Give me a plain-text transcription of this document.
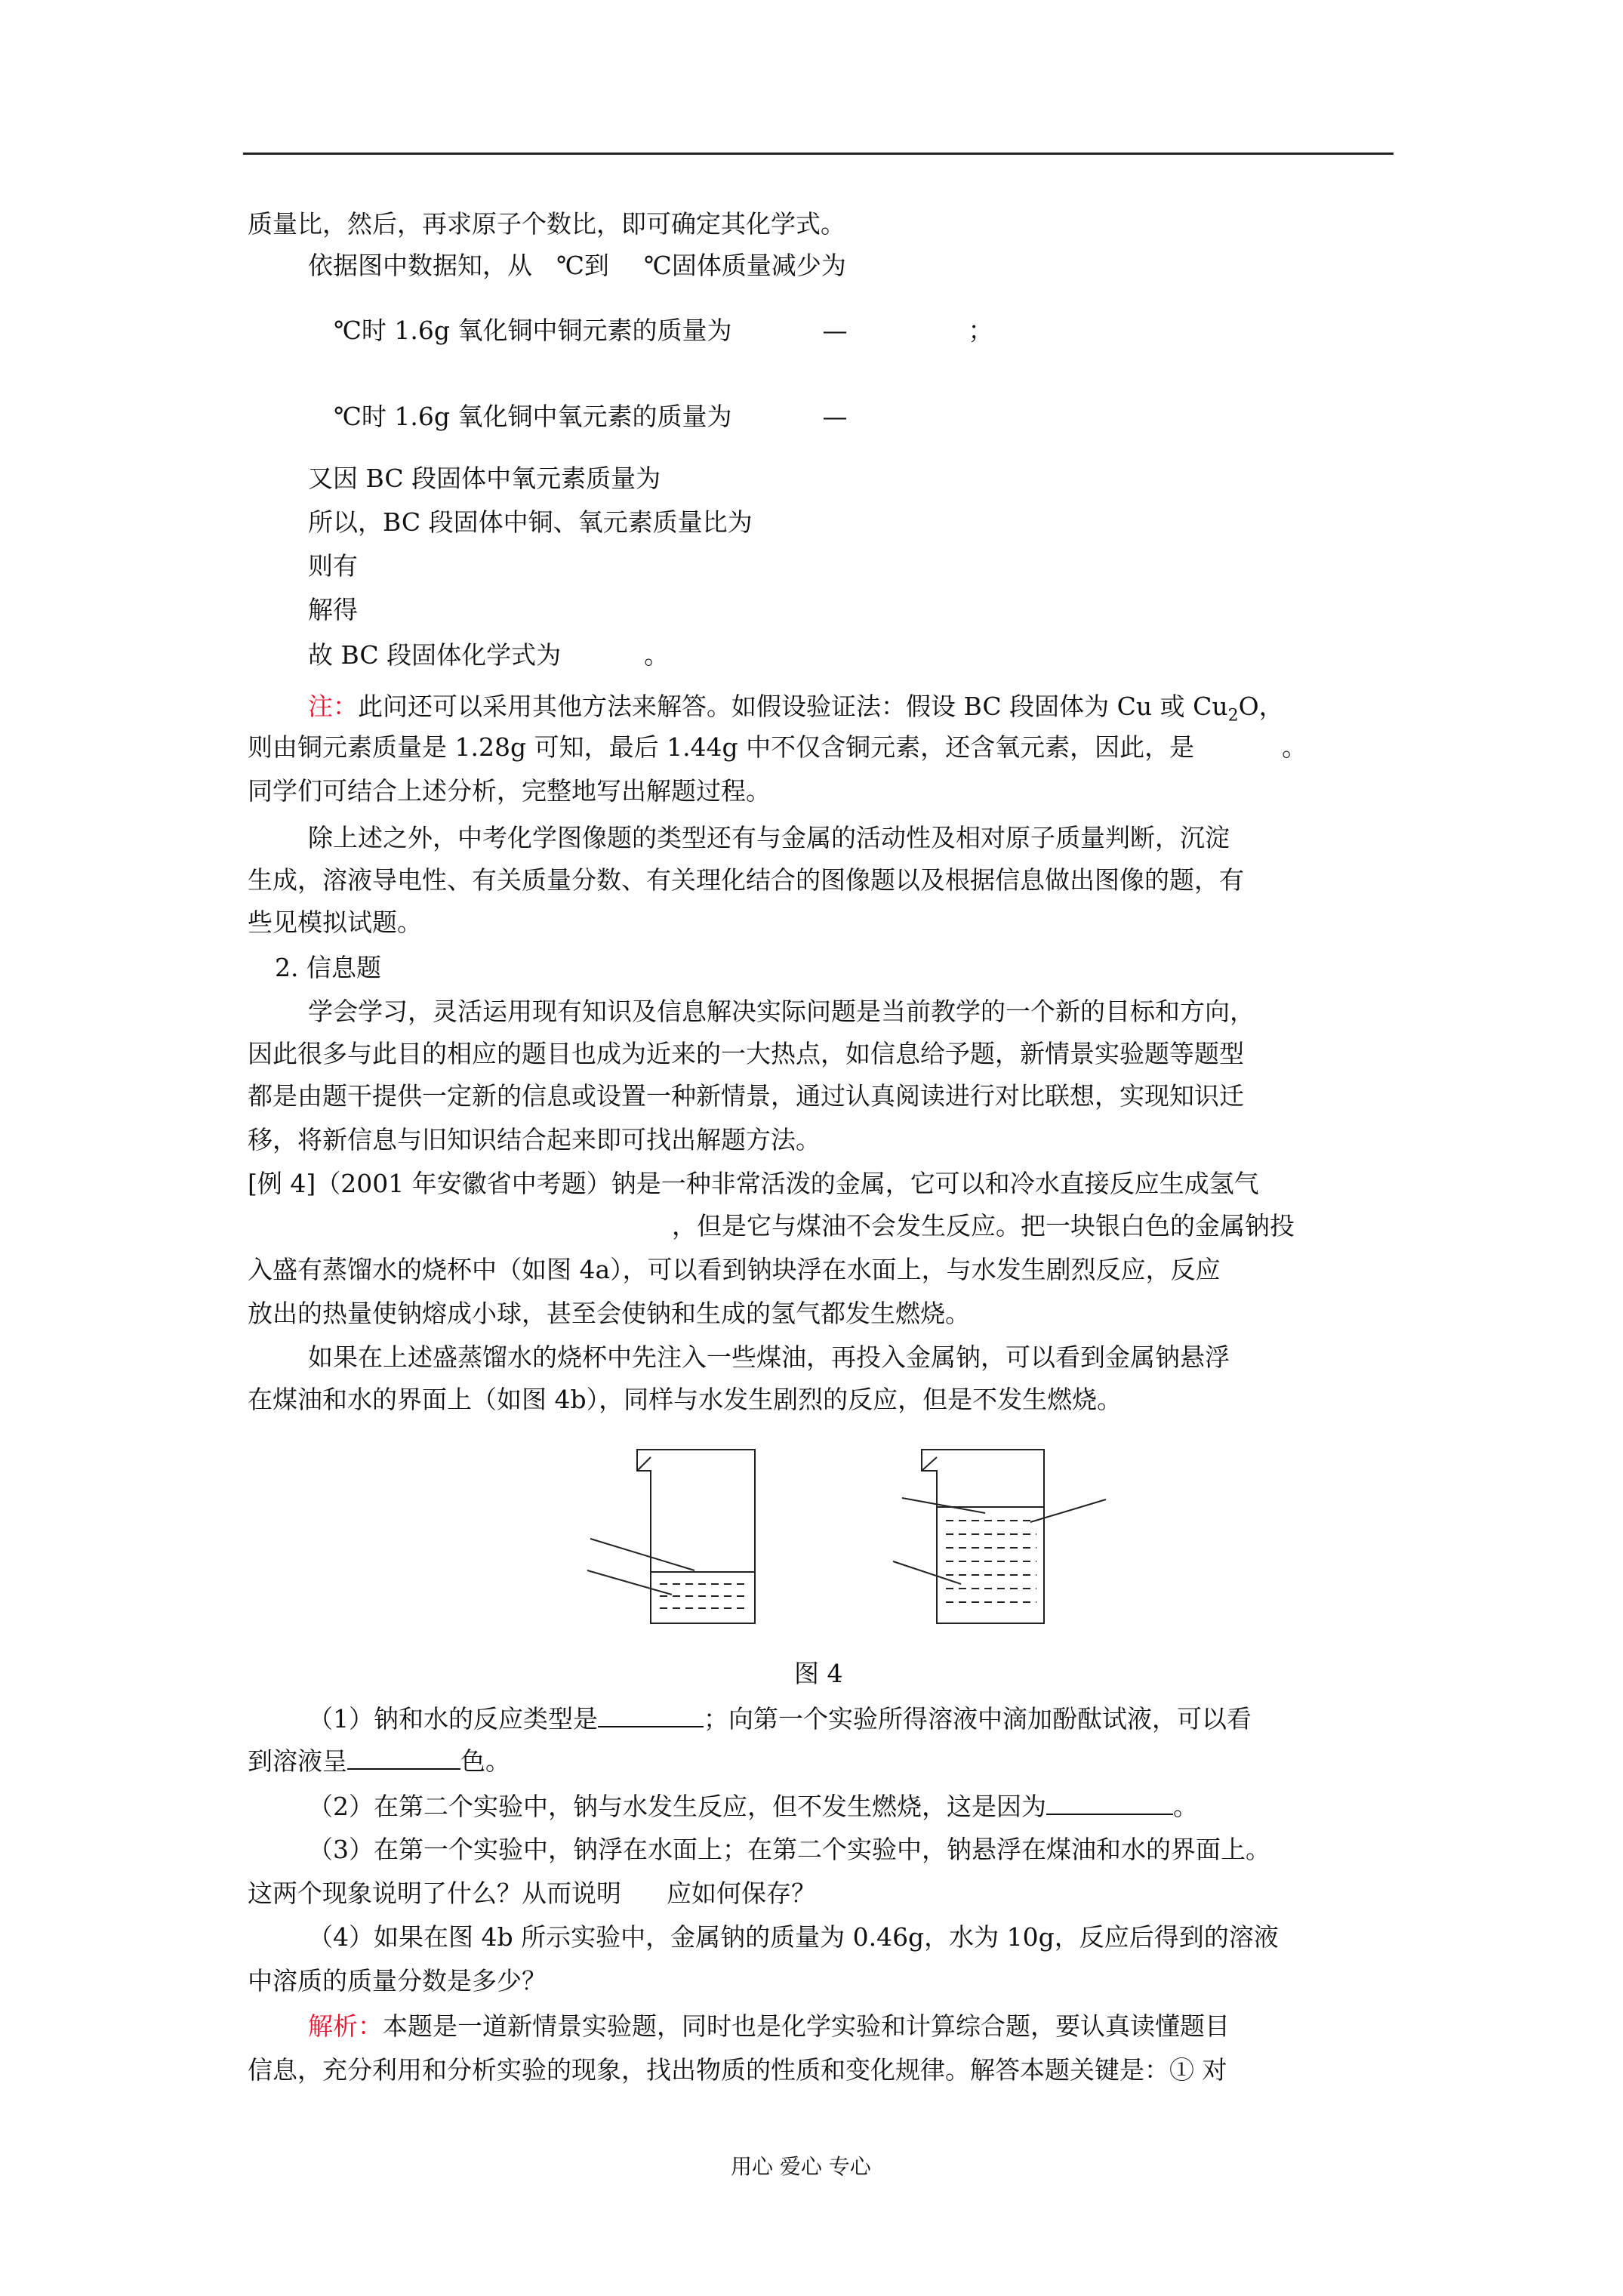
质量比，然后，再求原子个数比，即可确定其化学式。
依据图中数据知，从 ℃到 ℃固体质量减少为
℃时 1.6g 氧化铜中铜元素的质量为	—	；
℃时 1.6g 氧化铜中氧元素的质量为	—
又因 BC 段固体中氧元素质量为
所以，BC 段固体中铜、氧元素质量比为
则有
解得
故 BC 段固体化学式为	。
注：此问还可以采用其他方法来解答。如假设验证法：假设 BC 段固体为 Cu 或 $Cu_2O$，
则由铜元素质量是 1.28g 可知，最后 1.44g 中不仅含铜元素，还含氧元素，因此，是	。
同学们可结合上述分析，完整地写出解题过程。
除上述之外，中考化学图像题的类型还有与金属的活动性及相对原子质量判断，沉淀
生成，溶液导电性、有关质量分数、有关理化结合的图像题以及根据信息做出图像的题，有
些见模拟试题。
2. 信息题
学会学习，灵活运用现有知识及信息解决实际问题是当前教学的一个新的目标和方向，
因此很多与此目的相应的题目也成为近来的一大热点，如信息给予题，新情景实验题等题型
都是由题干提供一定新的信息或设置一种新情景，通过认真阅读进行对比联想，实现知识迁
移，将新信息与旧知识结合起来即可找出解题方法。
[例 4]（2001 年安徽省中考题）钠是一种非常活泼的金属，它可以和冷水直接反应生成氢气
，但是它与煤油不会发生反应。把一块银白色的金属钠投
入盛有蒸馏水的烧杯中（如图 4a），可以看到钠块浮在水面上，与水发生剧烈反应，反应
放出的热量使钠熔成小球，甚至会使钠和生成的氢气都发生燃烧。
如果在上述盛蒸馏水的烧杯中先注入一些煤油，再投入金属钠，可以看到金属钠悬浮
在煤油和水的界面上（如图 4b），同样与水发生剧烈的反应，但是不发生燃烧。
图 4
（1）钠和水的反应类型是	；向第一个实验所得溶液中滴加酚酞试液，可以看
到溶液呈	色。
（2）在第二个实验中，钠与水发生反应，但不发生燃烧，这是因为	。
（3）在第一个实验中，钠浮在水面上；在第二个实验中，钠悬浮在煤油和水的界面上。
这两个现象说明了什么？从而说明 应如何保存？
（4）如果在图 4b 所示实验中，金属钠的质量为 0.46g，水为 10g，反应后得到的溶液
中溶质的质量分数是多少？
解析：本题是一道新情景实验题，同时也是化学实验和计算综合题，要认真读懂题目
信息，充分利用和分析实验的现象，找出物质的性质和变化规律。解答本题关键是：① 对
用心 爱心 专心
